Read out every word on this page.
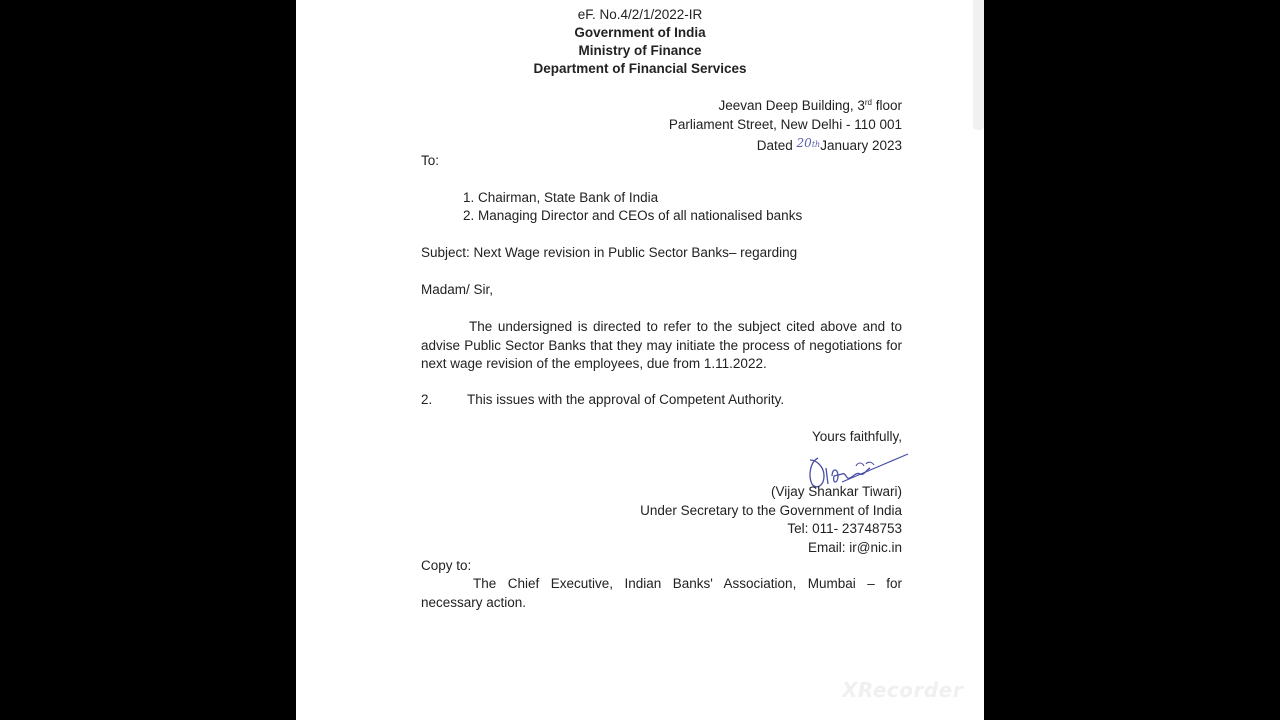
eF. No.4/2/1/2022-IR
Government of India
Ministry of Finance
Department of Financial Services
Jeevan Deep Building, 3rd floor
Parliament Street, New Delhi - 110 001
Dated 20thJanuary 2023
To:
1. Chairman, State Bank of India
2. Managing Director and CEOs of all nationalised banks
Subject: Next Wage revision in Public Sector Banks– regarding
Madam/ Sir,
The undersigned is directed to refer to the subject cited above and to advise Public Sector Banks that they may initiate the process of negotiations for next wage revision of the employees, due from 1.11.2022.
2.	This issues with the approval of Competent Authority.
Yours faithfully,
(Vijay Shankar Tiwari)
Under Secretary to the Government of India
Tel: 011- 23748753
Email: ir@nic.in
Copy to:
The Chief Executive, Indian Banks' Association, Mumbai – for necessary action.
XRecorder
